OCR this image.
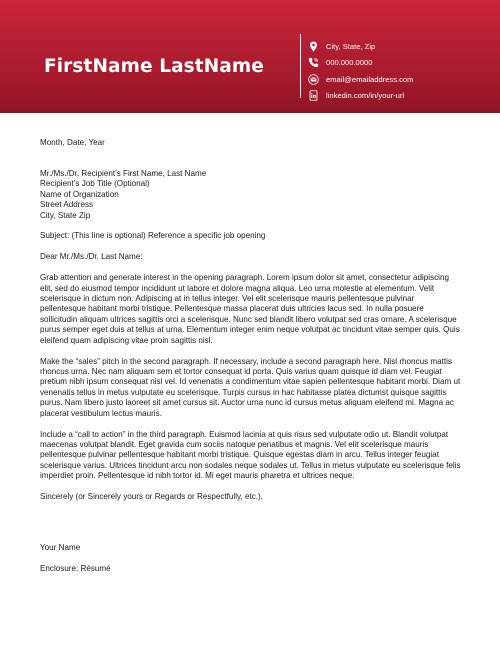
FirstName LastName
City, State, Zip
000.000.0000
email@emailaddress.com
linkedin.com/in/your-url

Month, Date, Year

Mr./Ms./Dr. Recipient’s First Name, Last Name
Recipient’s Job Title (Optional)
Name of Organization
Street Address
City, State Zip

Subject: (This line is optional) Reference a specific job opening

Dear Mr./Ms./Dr. Last Name:

Grab attention and generate interest in the opening paragraph. Lorem ipsum dolor sit amet, consectetur adipiscing elit, sed do eiusmod tempor incididunt ut labore et dolore magna aliqua. Leo urna molestie at elementum. Velit scelerisque in dictum non. Adipiscing at in tellus integer. Vel elit scelerisque mauris pellentesque pulvinar pellentesque habitant morbi tristique. Pellentesque massa placerat duis ultricies lacus sed. In nulla posuere sollicitudin aliquam ultrices sagittis orci a scelerisque. Nunc sed blandit libero volutpat sed cras ornare. A scelerisque purus semper eget duis at tellus at urna. Elementum integer enim neque volutpat ac tincidunt vitae semper quis. Quis eleifend quam adipiscing vitae proin sagittis nisl.

Make the “sales” pitch in the second paragraph. If necessary, include a second paragraph here. Nisl rhoncus mattis rhoncus urna. Nec nam aliquam sem et tortor consequat id porta. Quis varius quam quisque id diam vel. Feugiat pretium nibh ipsum consequat nisl vel. Id venenatis a condimentum vitae sapien pellentesque habitant morbi. Diam ut venenatis tellus in metus vulputate eu scelerisque. Turpis cursus in hac habitasse platea dictumst quisque sagittis purus. Nam libero justo laoreet sit amet cursus sit. Auctor urna nunc id cursus metus aliquam eleifend mi. Magna ac placerat vestibulum lectus mauris.

Include a “call to action” in the third paragraph. Euismod lacinia at quis risus sed vulputate odio ut. Blandit volutpat maecenas volutpat blandit. Eget gravida cum sociis natoque penatibus et magnis. Vel elit scelerisque mauris pellentesque pulvinar pellentesque habitant morbi tristique. Quisque egestas diam in arcu. Tellus integer feugiat scelerisque varius. Ultrices tincidunt arcu non sodales neque sodales ut. Tellus in metus vulputate eu scelerisque felis imperdiet proin. Pellentesque id nibh tortor id. Mi eget mauris pharetra et ultrices neque.

Sincerely (or Sincerely yours or Regards or Respectfully, etc.),

Your Name

Enclosure: Résumé
